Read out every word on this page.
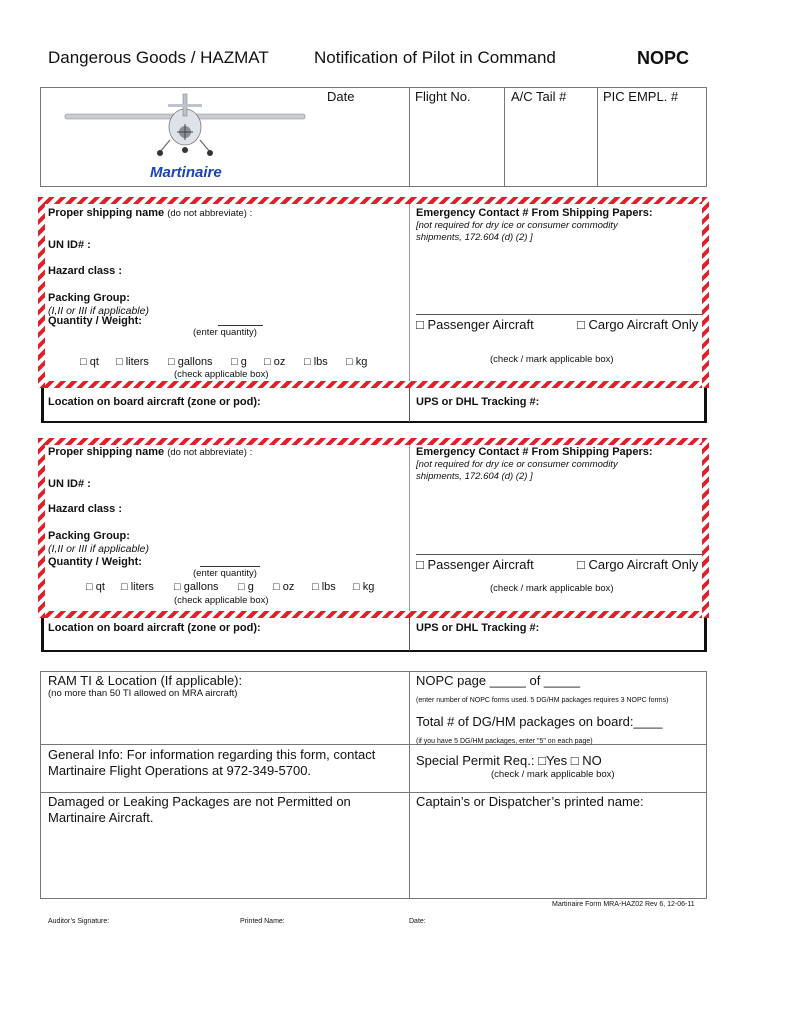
Dangerous Goods / HAZMAT	Notification of Pilot in Command	NOPC
Martinaire
Date	Flight No.	A/C Tail #	PIC EMPL. #
Proper shipping name (do not abbreviate) :
UN ID# :
Hazard class :
Packing Group:
(I,II or III if applicable)
Quantity / Weight:
(enter quantity)
□ qt □ liters □ gallons □ g □ oz □ lbs □ kg
(check applicable box)
Emergency Contact # From Shipping Papers:
[not required for dry ice or consumer commodity
shipments, 172.604 (d) (2) ]
□ Passenger Aircraft	□ Cargo Aircraft Only
(check / mark applicable box)
Location on board aircraft (zone or pod):	UPS or DHL Tracking #:
Proper shipping name (do not abbreviate) :
UN ID# :
Hazard class :
Packing Group:
(I,II or III if applicable)
Quantity / Weight:
(enter quantity)
□ qt □ liters □ gallons □ g □ oz □ lbs □ kg
(check applicable box)
Emergency Contact # From Shipping Papers:
[not required for dry ice or consumer commodity
shipments, 172.604 (d) (2) ]
□ Passenger Aircraft	□ Cargo Aircraft Only
(check / mark applicable box)
Location on board aircraft (zone or pod):	UPS or DHL Tracking #:
RAM TI & Location (If applicable):
(no more than 50 TI allowed on MRA aircraft)
NOPC page _____ of _____
(enter number of NOPC forms used. 5 DG/HM packages requires 3 NOPC forms)
Total # of DG/HM packages on board:____
(if you have 5 DG/HM packages, enter "5" on each page)
General Info: For information regarding this form, contact
Martinaire Flight Operations at 972-349-5700.
Special Permit Req.: □Yes □ NO
(check / mark applicable box)
Damaged or Leaking Packages are not Permitted on
Martinaire Aircraft.
Captain’s or Dispatcher’s printed name:
Martinaire Form MRA-HAZ02 Rev 6, 12-06-11
Auditor’s Signature:	Printed Name:	Date:
